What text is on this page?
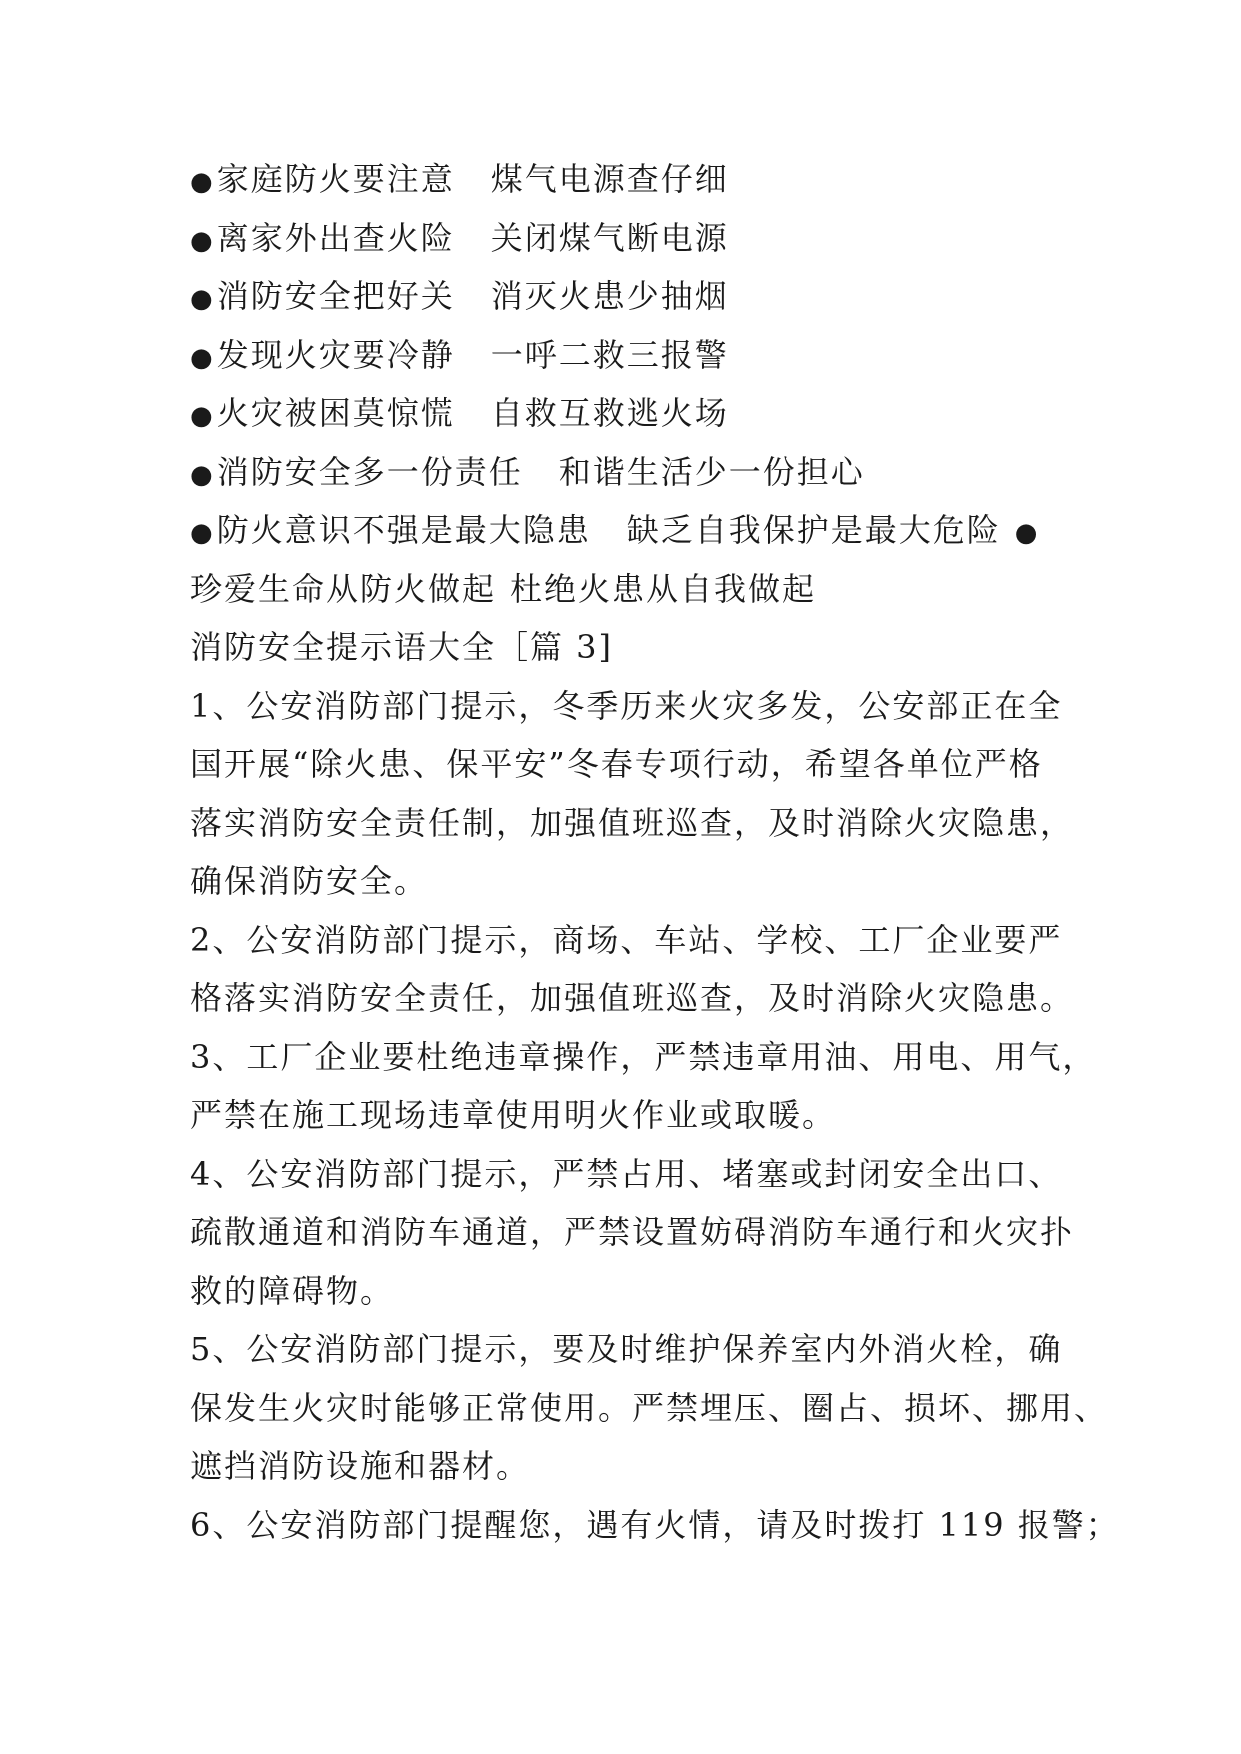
●家庭防火要注意 煤气电源查仔细
●离家外出查火险 关闭煤气断电源
●消防安全把好关 消灭火患少抽烟
●发现火灾要冷静 一呼二救三报警
●火灾被困莫惊慌 自救互救逃火场
●消防安全多一份责任 和谐生活少一份担心
●防火意识不强是最大隐患 缺乏自我保护是最大危险 ●
珍爱生命从防火做起 杜绝火患从自我做起
消防安全提示语大全［篇 3]
1、公安消防部门提示，冬季历来火灾多发，公安部正在全
国开展“除火患、保平安”冬春专项行动，希望各单位严格
落实消防安全责任制，加强值班巡查，及时消除火灾隐患，
确保消防安全。
2、公安消防部门提示，商场、车站、学校、工厂企业要严
格落实消防安全责任，加强值班巡查，及时消除火灾隐患。
3、工厂企业要杜绝违章操作，严禁违章用油、用电、用气，
严禁在施工现场违章使用明火作业或取暖。
4、公安消防部门提示，严禁占用、堵塞或封闭安全出口、
疏散通道和消防车通道，严禁设置妨碍消防车通行和火灾扑
救的障碍物。
5、公安消防部门提示，要及时维护保养室内外消火栓，确
保发生火灾时能够正常使用。严禁埋压、圈占、损坏、挪用、
遮挡消防设施和器材。
6、公安消防部门提醒您，遇有火情，请及时拨打 119 报警；
